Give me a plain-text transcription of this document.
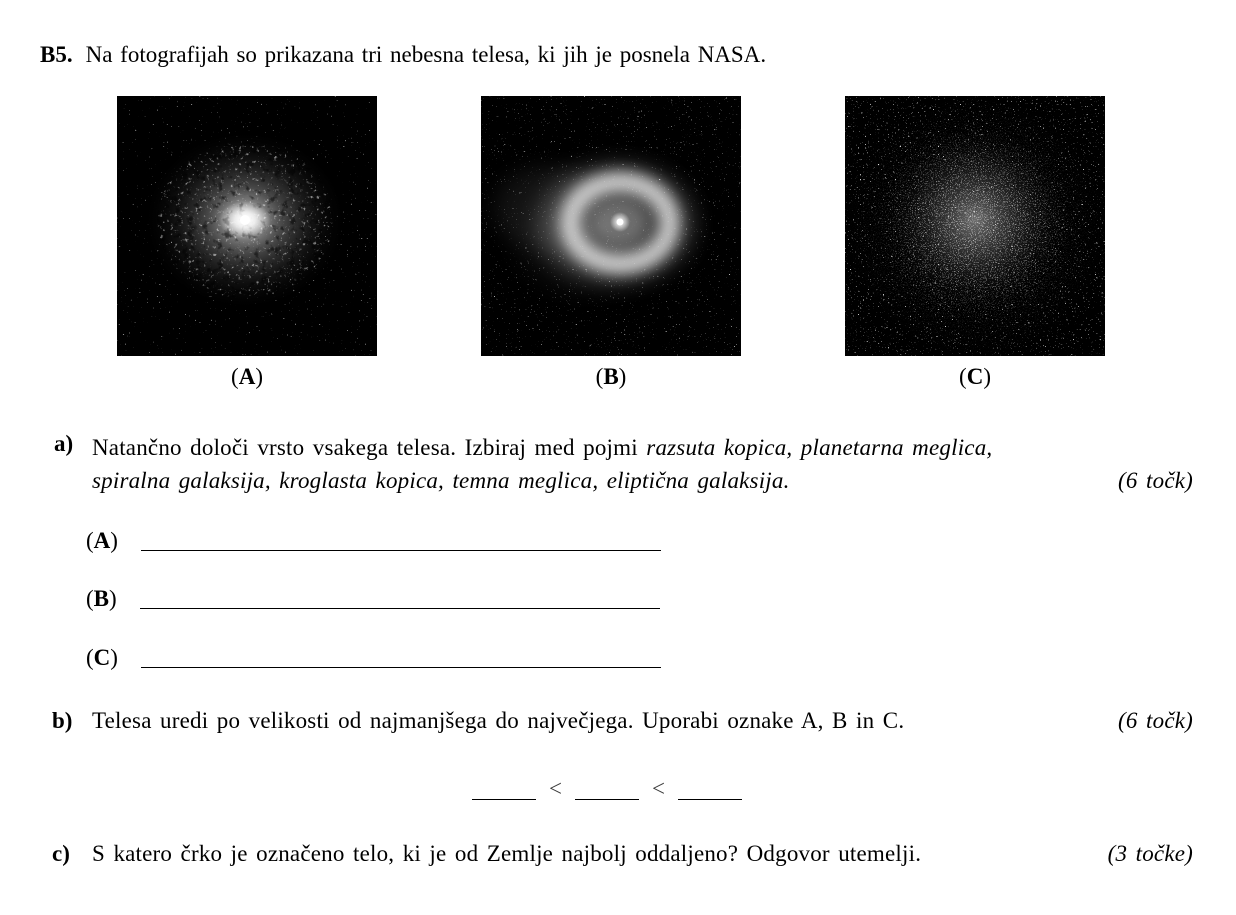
B5. Na fotografijah so prikazana tri nebesna telesa, ki jih je posnela NASA.
(A)	(B)	(C)
a) Natančno določi vrsto vsakega telesa. Izbiraj med pojmi razsuta kopica, planetarna meglica,
spiralna galaksija, kroglasta kopica, temna meglica, eliptična galaksija.	(6 točk)
(A)
(B)
(C)
b) Telesa uredi po velikosti od najmanjšega do največjega. Uporabi oznake A, B in C.	(6 točk)
<	<
c) S katero črko je označeno telo, ki je od Zemlje najbolj oddaljeno? Odgovor utemelji.	(3 točke)
